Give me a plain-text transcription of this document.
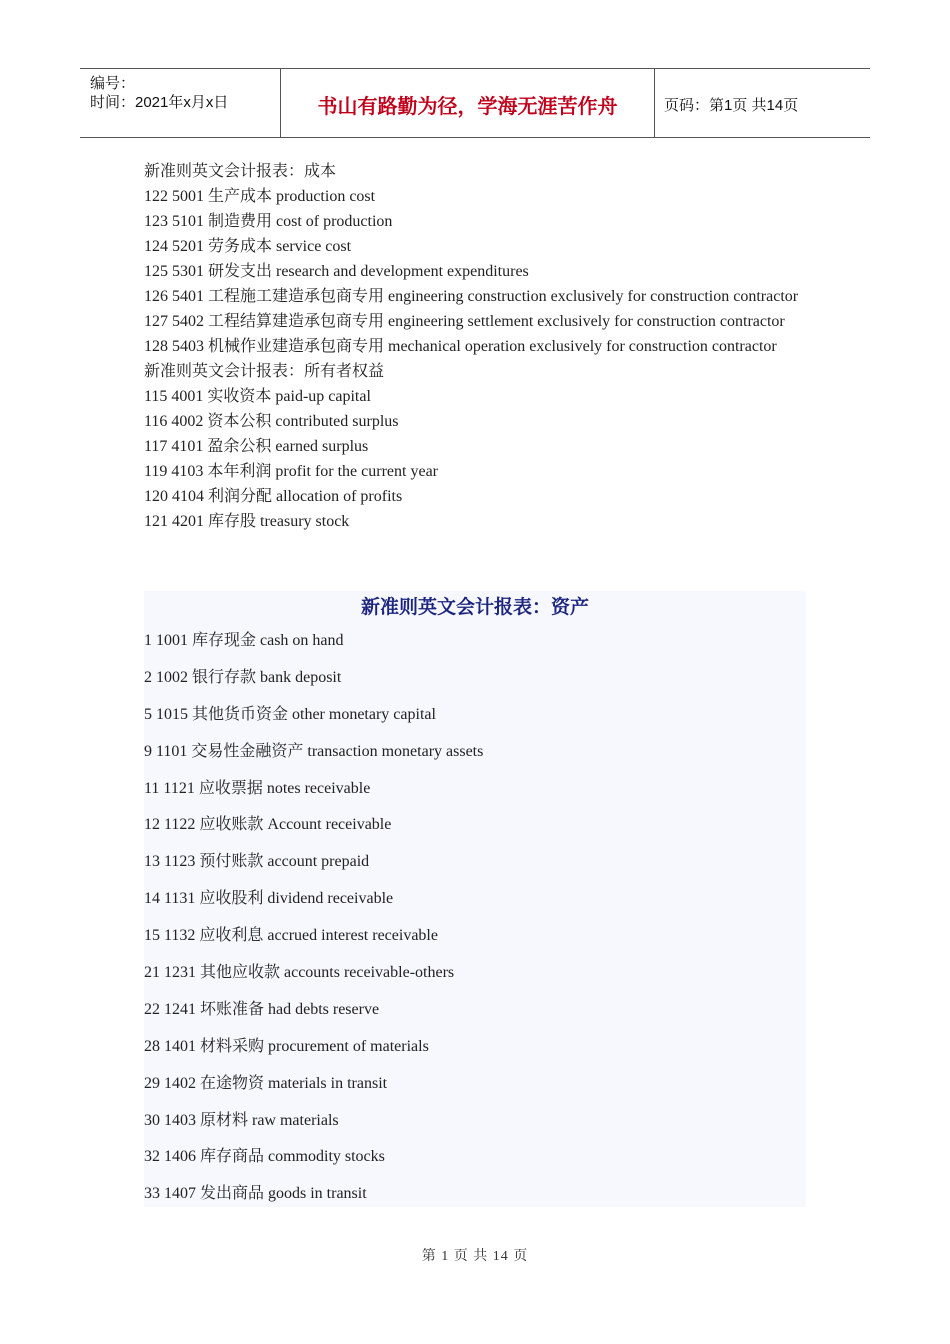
编号：
时间：2021年x月x日	书山有路勤为径，学海无涯苦作舟	页码：第1页 共14页
新准则英文会计报表：成本
122 5001 生产成本 production cost
123 5101 制造费用 cost of production
124 5201 劳务成本 service cost
125 5301 研发支出 research and development expenditures
126 5401 工程施工建造承包商专用 engineering construction exclusively for construction contractor
127 5402 工程结算建造承包商专用 engineering settlement exclusively for construction contractor
128 5403 机械作业建造承包商专用 mechanical operation exclusively for construction contractor
新准则英文会计报表：所有者权益
115 4001 实收资本 paid-up capital
116 4002 资本公积 contributed surplus
117 4101 盈余公积 earned surplus
119 4103 本年利润 profit for the current year
120 4104 利润分配 allocation of profits
121 4201 库存股 treasury stock
新准则英文会计报表：资产
1 1001 库存现金 cash on hand
2 1002 银行存款 bank deposit
5 1015 其他货币资金 other monetary capital
9 1101 交易性金融资产 transaction monetary assets
11 1121 应收票据 notes receivable
12 1122 应收账款 Account receivable
13 1123 预付账款 account prepaid
14 1131 应收股利 dividend receivable
15 1132 应收利息 accrued interest receivable
21 1231 其他应收款 accounts receivable-others
22 1241 坏账准备 had debts reserve
28 1401 材料采购 procurement of materials
29 1402 在途物资 materials in transit
30 1403 原材料 raw materials
32 1406 库存商品 commodity stocks
33 1407 发出商品 goods in transit
第 1 页 共 14 页
